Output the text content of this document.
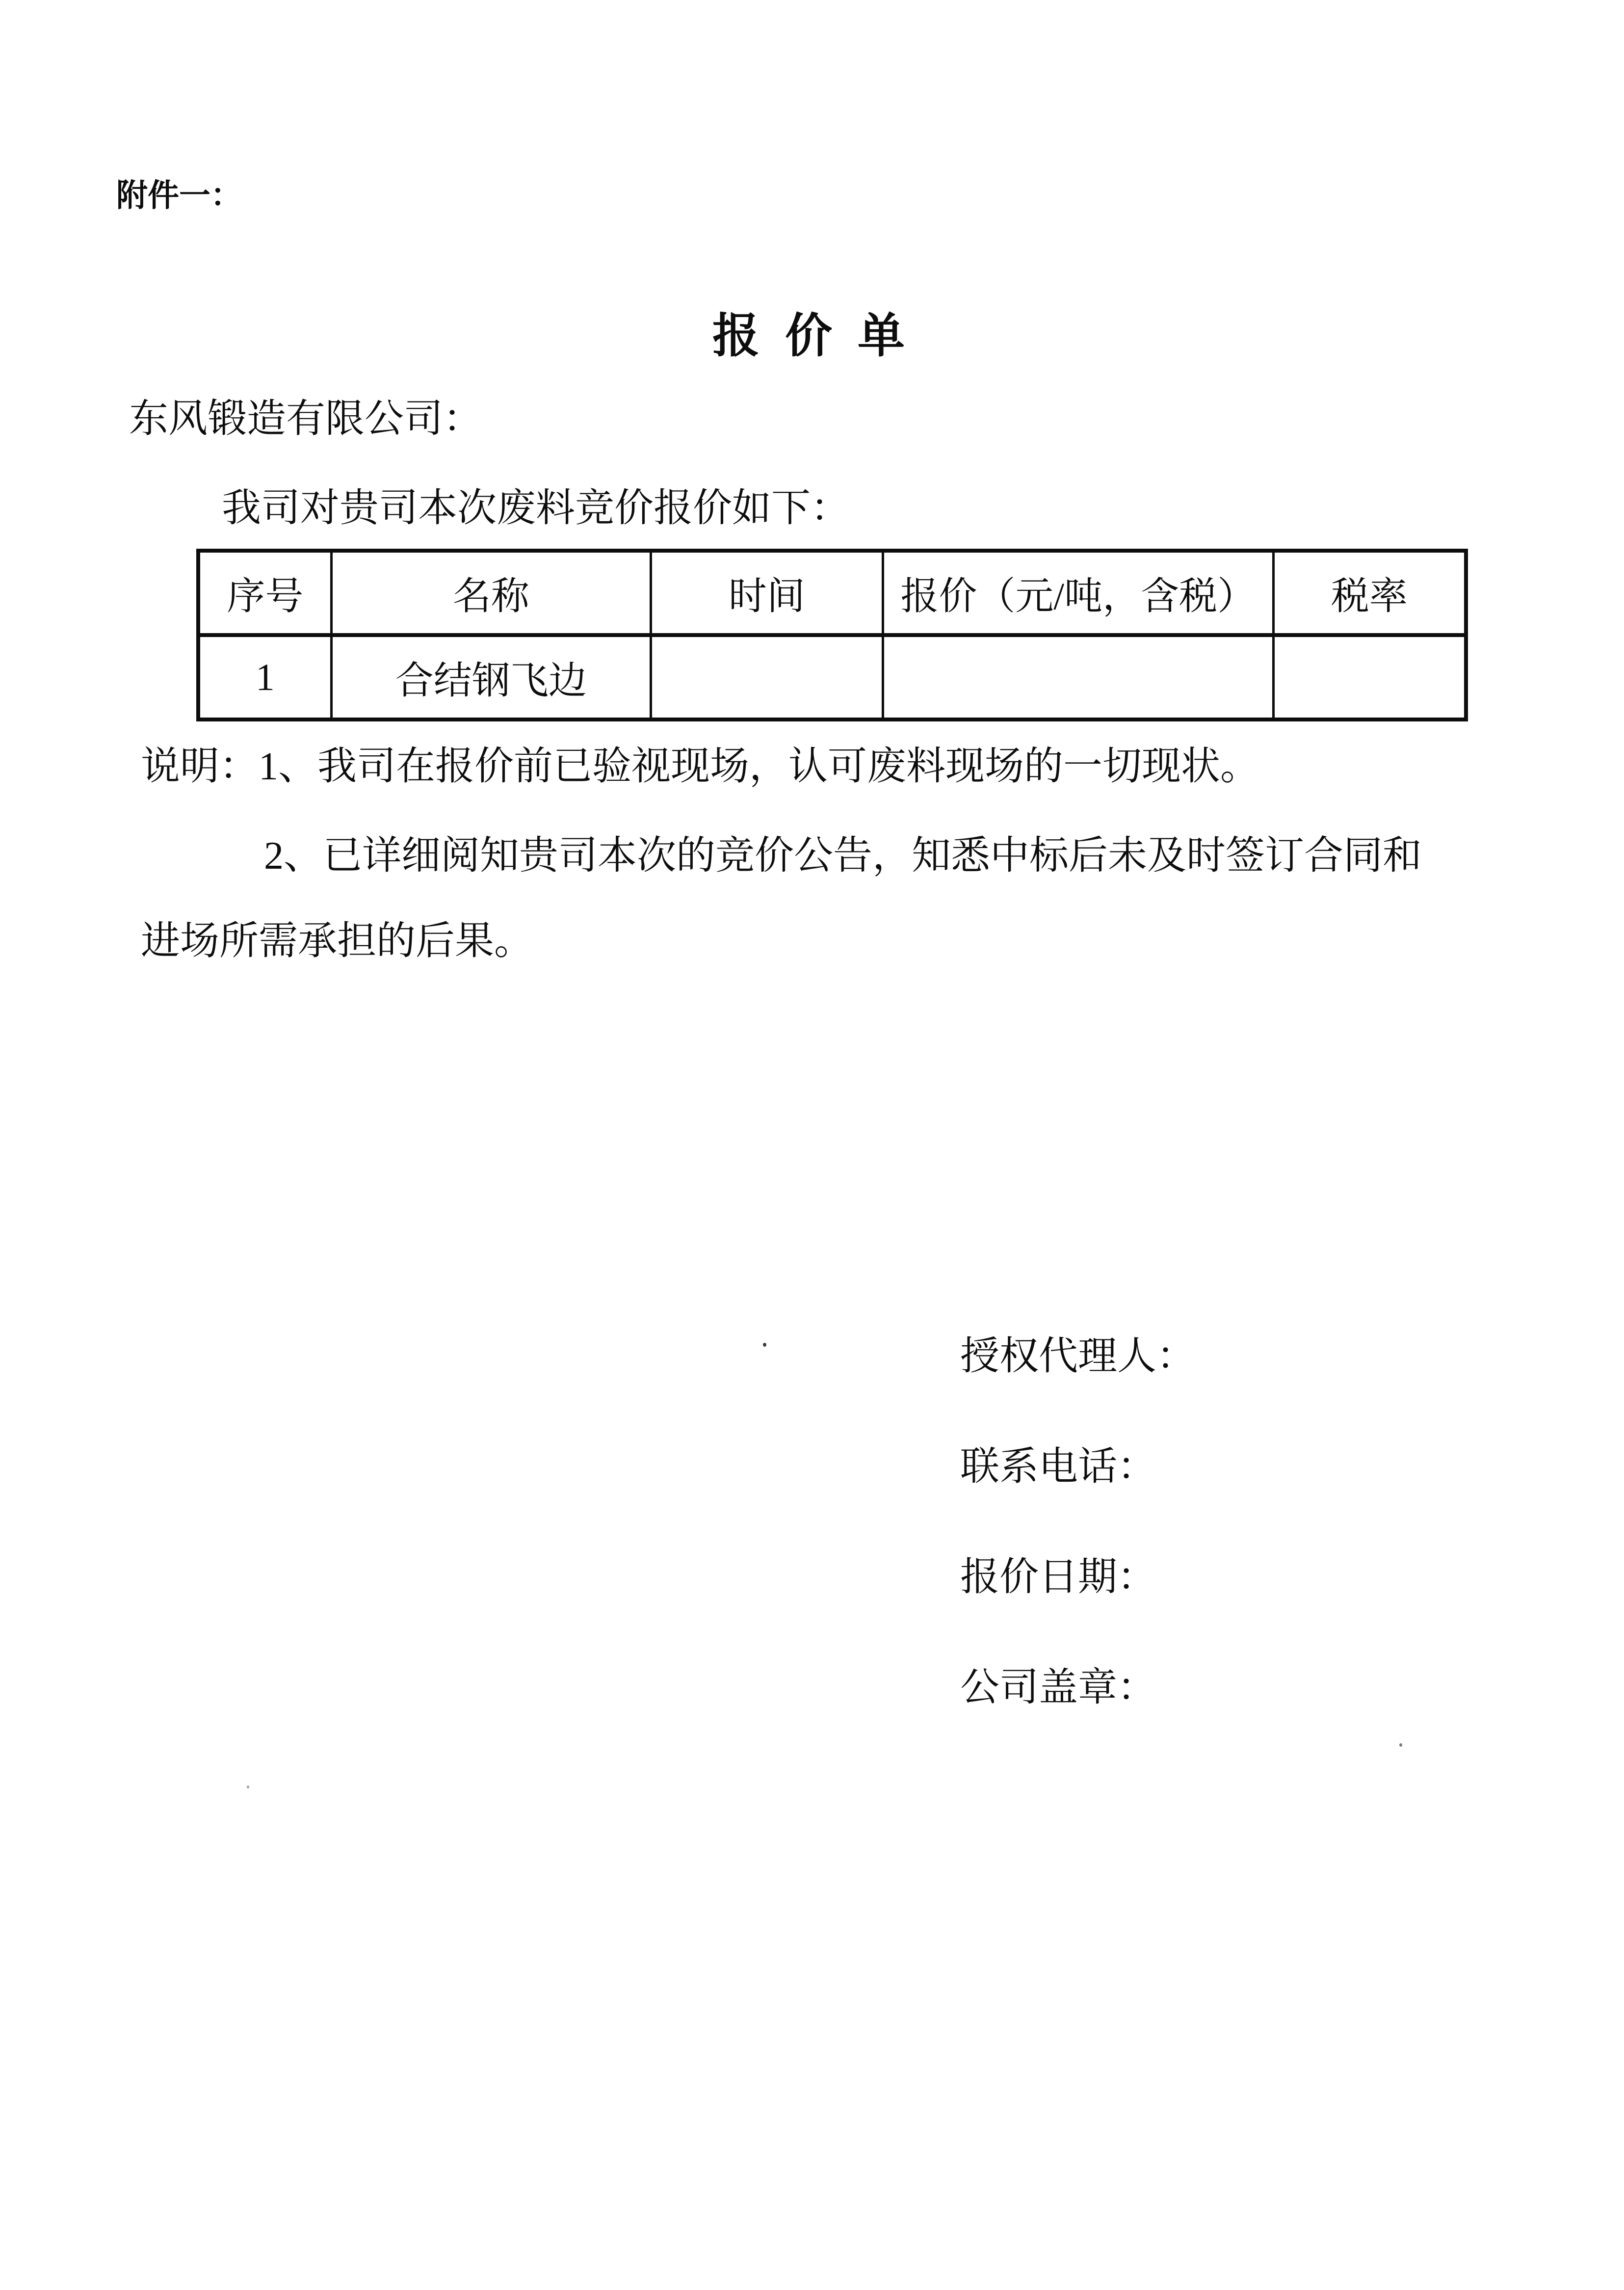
附件一：
报 价 单
东风锻造有限公司：
我司对贵司本次废料竞价报价如下：
序号	名称	时间	报价（元/吨，含税）	税率
1	合结钢飞边			
说明：1、我司在报价前已验视现场，认可废料现场的一切现状。
2、已详细阅知贵司本次的竞价公告，知悉中标后未及时签订合同和
进场所需承担的后果。
授权代理人：
联系电话：
报价日期：
公司盖章：
